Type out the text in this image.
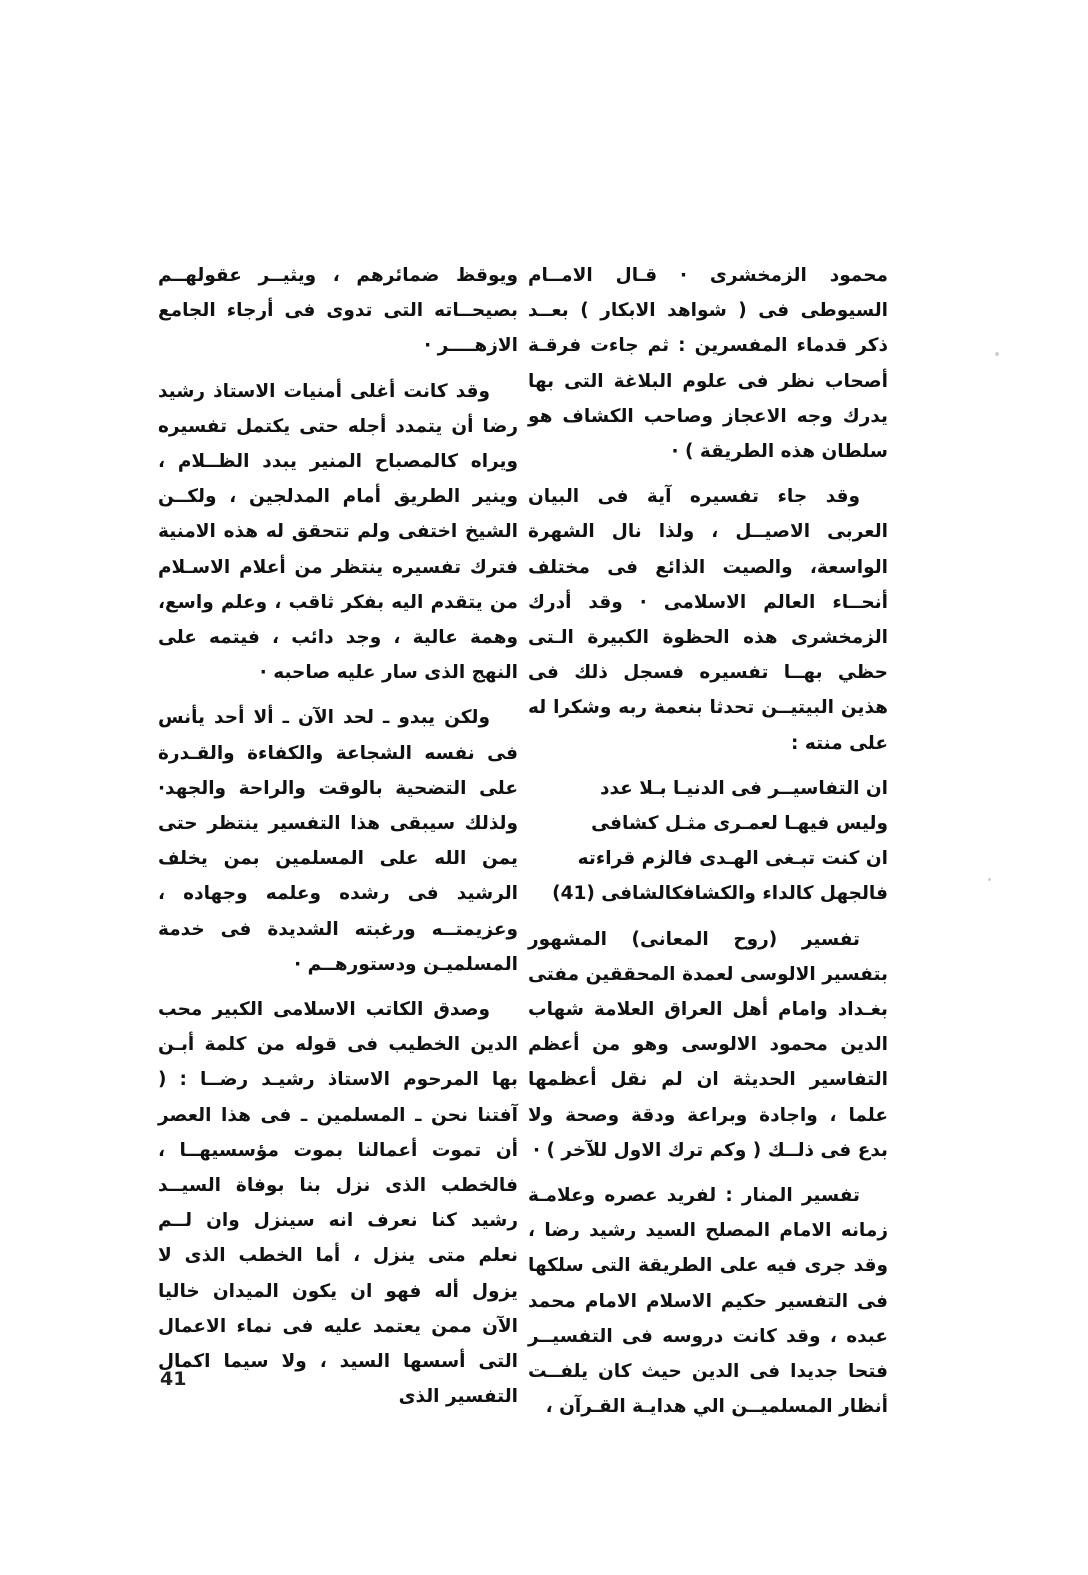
محمود الزمخشرى · قـال الامــام السيوطى فى ( شواهد الابكار ) بعــد ذكر قدماء المفسرين : ثم جاءت فرقـة أصحاب نظر فى علوم البلاغة التى بها يدرك وجه الاعجاز وصاحب الكشاف هو سلطان هذه الطريقة ) ·

وقد جاء تفسيره آية فى البيان العربى الاصيــل ، ولذا نال الشهرة الواسعة، والصيت الذائع فى مختلف أنحــاء العالم الاسلامى · وقد أدرك الزمخشرى هذه الحظوة الكبيرة الـتى حظي بهــا تفسيره فسجل ذلك فى هذين البيتيــن تحدثا بنعمة ربه وشكرا له على منته :

ان التفاسيــر فى الدنيـا بـلا عدد
وليس فيهـا لعمـرى مثـل كشافى
ان كنت تبـغى الهـدى فالزم قراءته
فالجهل كالداء والكشافكالشافى (41)

تفسير (روح المعانى) المشهور بتفسير الالوسى لعمدة المحققين مفتى بغـداد وامام أهل العراق العلامة شهاب الدين محمود الالوسى وهو من أعظم التفاسير الحديثة ان لم نقل أعظمها علما ، واجادة وبراعة ودقة وصحة ولا بدع فى ذلــك ( وكم ترك الاول للآخر ) ·

تفسير المنار : لفريد عصره وعلامـة زمانه الامام المصلح السيد رشيد رضا ، وقد جرى فيه على الطريقة التى سلكها فى التفسير حكيم الاسلام الامام محمد عبده ، وقد كانت دروسه فى التفسيــر فتحا جديدا فى الدين حيث كان يلفــت أنظار المسلميــن الي هدايـة القـرآن ،

ويوقظ ضمائرهم ، ويثيــر عقولهــم بصيحــاته التى تدوى فى أرجاء الجامع الازهــــر ·

وقد كانت أغلى أمنيات الاستاذ رشيد رضا أن يتمدد أجله حتى يكتمل تفسيره ويراه كالمصباح المنير يبدد الظــلام ، وينير الطريق أمام المدلجين ، ولكــن الشيخ اختفى ولم تتحقق له هذه الامنية فترك تفسيره ينتظر من أعلام الاسـلام من يتقدم اليه بفكر ثاقب ، وعلم واسع، وهمة عالية ، وجد دائب ، فيتمه على النهج الذى سار عليه صاحبه ·

ولكن يبدو ـ لحد الآن ـ ألا أحد يأنس فى نفسه الشجاعة والكفاءة والقـدرة على التضحية بالوقت والراحة والجهد· ولذلك سيبقى هذا التفسير ينتظر حتى يمن الله على المسلمين بمن يخلف الرشيد فى رشده وعلمه وجهاده ، وعزيمتــه ورغبته الشديدة فى خدمة المسلميـن ودستورهــم ·

وصدق الكاتب الاسلامى الكبير محب الدين الخطيب فى قوله من كلمة أبـن بها المرحوم الاستاذ رشيـد رضــا : ( آفتنا نحن ـ المسلمين ـ فى هذا العصر أن تموت أعمالنا بموت مؤسسيهــا ، فالخطب الذى نزل بنا بوفاة السيــد رشيد كنا نعرف انه سينزل وان لــم نعلم متى ينزل ، أما الخطب الذى لا يزول أله فهو ان يكون الميدان خاليا الآن ممن يعتمد عليه فى نماء الاعمال التى أسسها السيد ، ولا سيما اكمال التفسير الذى

41
